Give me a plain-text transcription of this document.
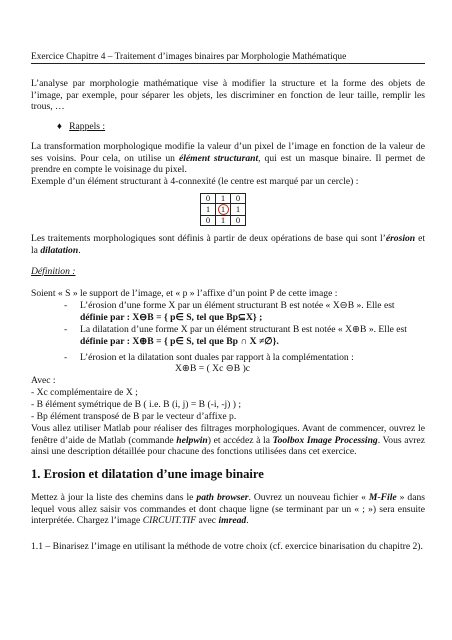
Exercice Chapitre 4 – Traitement d’images binaires par Morphologie Mathématique
L’analyse par morphologie mathématique vise à modifier la structure et la forme des objets de l’image, par exemple, pour séparer les objets, les discriminer en fonction de leur taille, remplir les trous, …
♦ Rappels :
La transformation morphologique modifie la valeur d’un pixel de l’image en fonction de la valeur de ses voisins. Pour cela, on utilise un élément structurant, qui est un masque binaire. Il permet de prendre en compte le voisinage du pixel.
Exemple d’un élément structurant à 4-connexité (le centre est marqué par un cercle) :
0	1	0
1	1	1
0	1	0
Les traitements morphologiques sont définis à partir de deux opérations de base qui sont l’érosion et la dilatation.
Définition :
Soient « S » le support de l’image, et « p » l’affixe d’un point P de cette image :
- L’érosion d’une forme X par un élément structurant B est notée « X⊖B ». Elle est
définie par : X⊖B = { p∈ S, tel que Bp⊆X} ;
- La dilatation d’une forme X par un élément structurant B est notée « X⊕B ». Elle est
définie par : X⊕B = { p∈ S, tel que Bp ∩ X ≠∅}.
- L’érosion et la dilatation sont duales par rapport à la complémentation :
X⊕B = ( Xc ⊖B )c
Avec :
- Xc complémentaire de X ;
- B élément symétrique de B ( i.e. B (i, j) = B (-i, -j) ) ;
- Bp élément transposé de B par le vecteur d’affixe p.
Vous allez utiliser Matlab pour réaliser des filtrages morphologiques. Avant de commencer, ouvrez le fenêtre d’aide de Matlab (commande helpwin) et accédez à la Toolbox Image Processing. Vous avrez ainsi une description détaillée pour chacune des fonctions utilisées dans cet exercice.
1. Erosion et dilatation d’une image binaire
Mettez à jour la liste des chemins dans le path browser. Ouvrez un nouveau fichier « M-File » dans lequel vous allez saisir vos commandes et dont chaque ligne (se terminant par un « ; ») sera ensuite interprétée. Chargez l’image CIRCUIT.TIF avec imread.
1.1 – Binarisez l’image en utilisant la méthode de votre choix (cf. exercice binarisation du chapitre 2).
